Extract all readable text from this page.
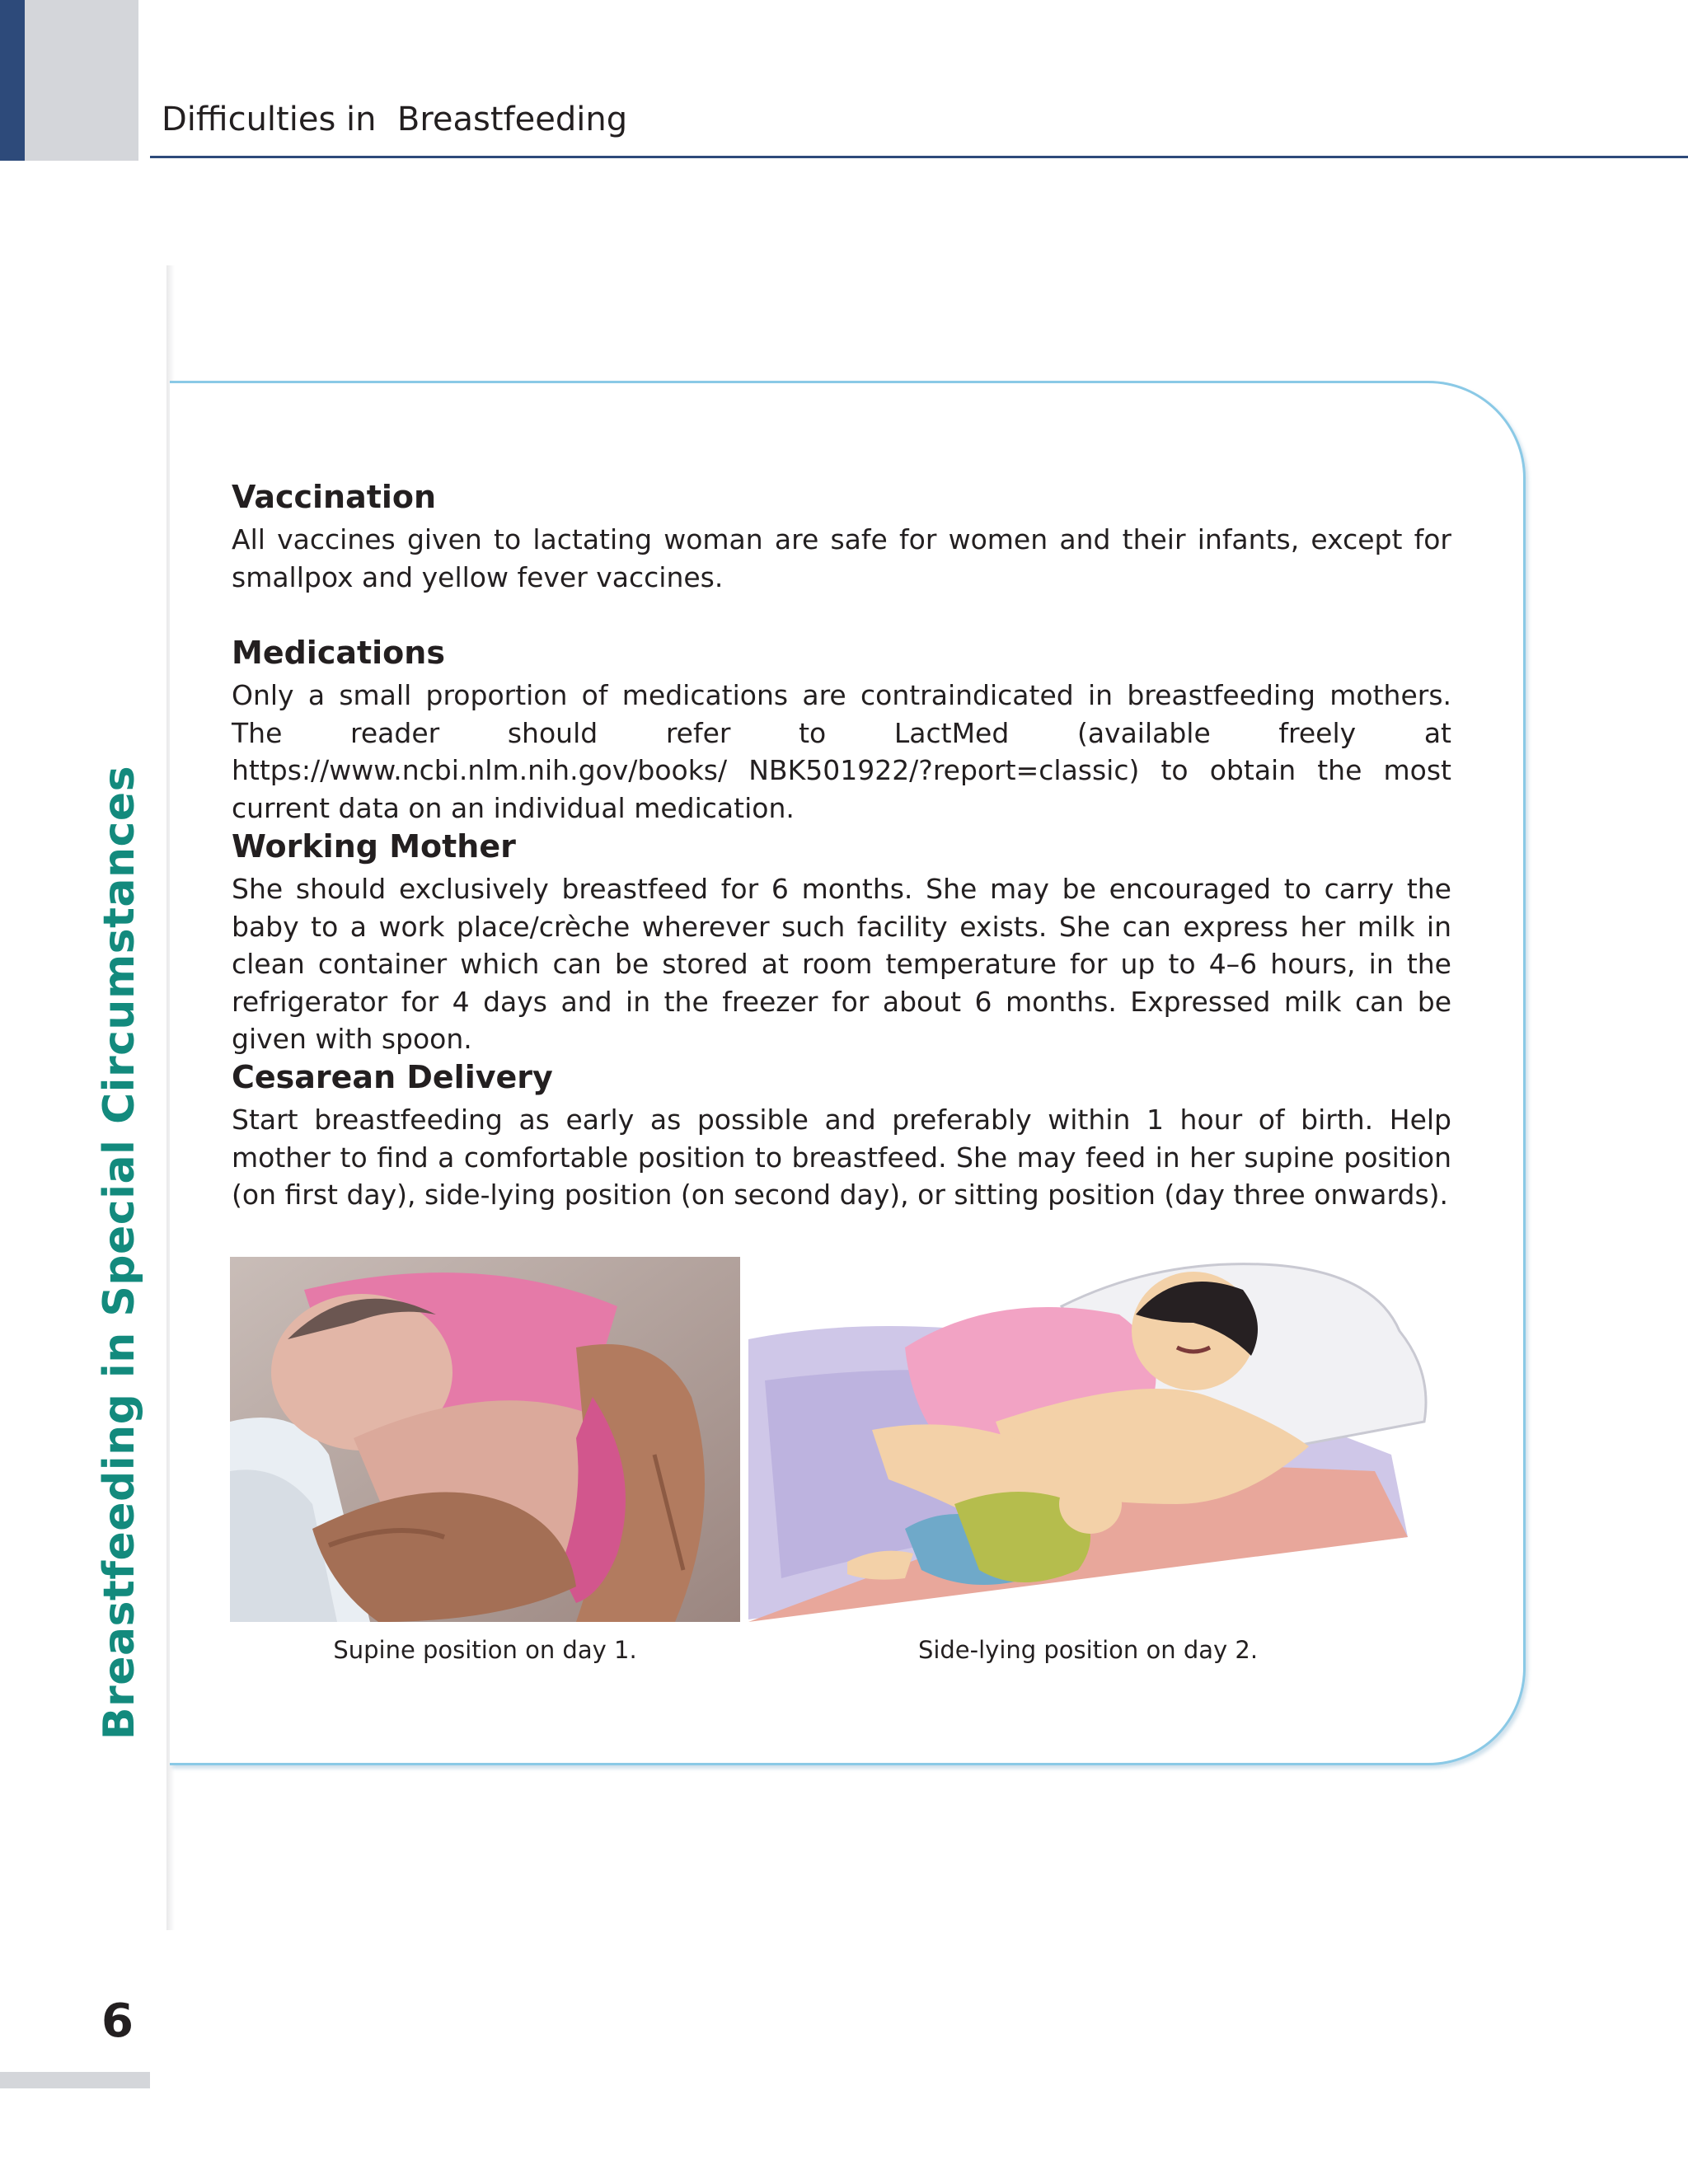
Difficulties in  Breastfeeding
Breastfeeding in Special Circumstances
Vaccination

All vaccines given to lactating woman are safe for women and their infants, except for smallpox and yellow fever vaccines.

Medications

Only a small proportion of medications are contraindicated in breastfeeding mothers. The reader should refer to LactMed (available freely at https://www.ncbi.nlm.nih.gov/books/ NBK501922/?report=classic) to obtain the most current data on an individual medication.

Working Mother

She should exclusively breastfeed for 6 months. She may be encouraged to carry the baby to a work place/crèche wherever such facility exists. She can express her milk in clean container which can be stored at room temperature for up to 4–6 hours, in the refrigerator for 4 days and in the freezer for about 6 months. Expressed milk can be given with spoon.

Cesarean Delivery

Start breastfeeding as early as possible and preferably within 1 hour of birth. Help mother to find a comfortable position to breastfeed. She may feed in her supine position (on first day), side-lying position (on second day), or sitting position (day three onwards).

Supine position on day 1.	Side-lying position on day 2.
6
